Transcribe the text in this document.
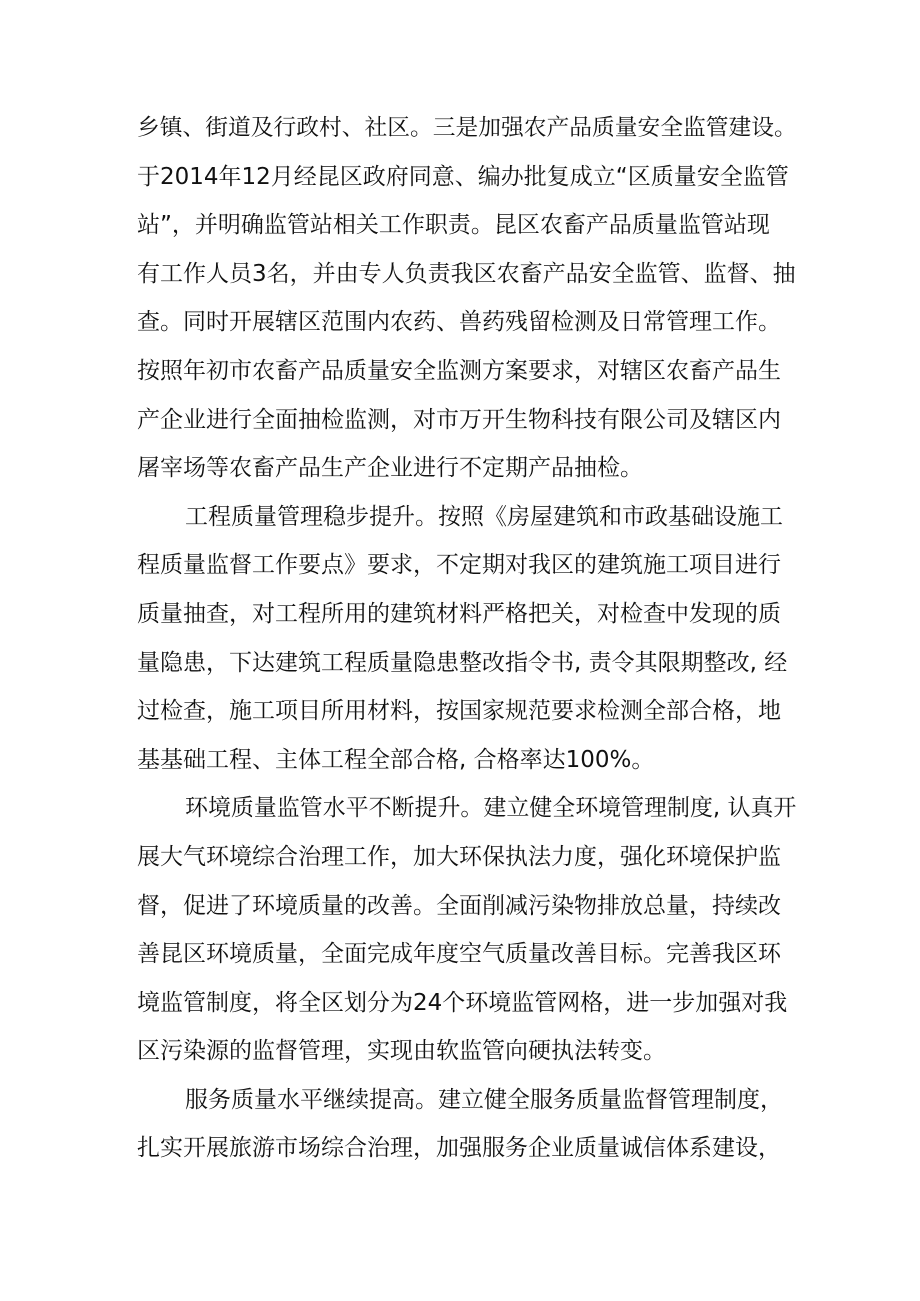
乡镇、街道及行政村、社区。三是加强农产品质量安全监管建设。
于2014年12月经昆区政府同意、编办批复成立“区质量安全监管
站”，并明确监管站相关工作职责。昆区农畜产品质量监管站现
有工作人员3名，并由专人负责我区农畜产品安全监管、监督、抽
查。同时开展辖区范围内农药、兽药残留检测及日常管理工作。
按照年初市农畜产品质量安全监测方案要求，对辖区农畜产品生
产企业进行全面抽检监测，对市万开生物科技有限公司及辖区内
屠宰场等农畜产品生产企业进行不定期产品抽检。
工程质量管理稳步提升。按照《房屋建筑和市政基础设施工
程质量监督工作要点》要求，不定期对我区的建筑施工项目进行
质量抽查，对工程所用的建筑材料严格把关，对检查中发现的质
量隐患，下达建筑工程质量隐患整改指令书, 责令其限期整改, 经
过检查，施工项目所用材料，按国家规范要求检测全部合格，地
基基础工程、主体工程全部合格, 合格率达100%。
环境质量监管水平不断提升。建立健全环境管理制度, 认真开
展大气环境综合治理工作，加大环保执法力度，强化环境保护监
督，促进了环境质量的改善。全面削减污染物排放总量，持续改
善昆区环境质量，全面完成年度空气质量改善目标。完善我区环
境监管制度，将全区划分为24个环境监管网格，进一步加强对我
区污染源的监督管理，实现由软监管向硬执法转变。
服务质量水平继续提高。建立健全服务质量监督管理制度，
扎实开展旅游市场综合治理，加强服务企业质量诚信体系建设，
